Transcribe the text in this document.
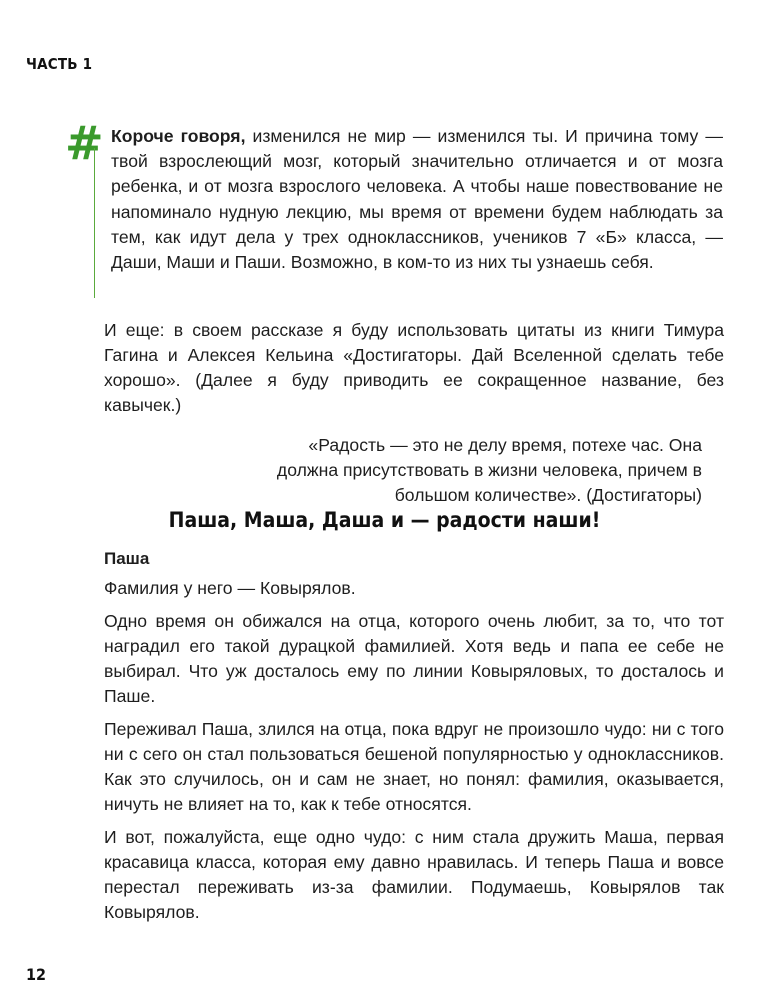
ЧАСТЬ 1
# Короче говоря, изменился не мир — изменился ты. И причина тому — твой взрослеющий мозг, который значительно отличается и от мозга ребенка, и от мозга взрослого человека. А чтобы наше повествование не напоминало нудную лекцию, мы время от времени будем наблюдать за тем, как идут дела у трех одноклассников, учеников 7 «Б» класса, — Даши, Маши и Паши. Возможно, в ком-то из них ты узнаешь себя.

И еще: в своем рассказе я буду использовать цитаты из книги Тимура Гагина и Алексея Кельина «Достигаторы. Дай Вселенной сделать тебе хорошо». (Далее я буду приводить ее сокращенное название, без кавычек.)

«Радость — это не делу время, потехе час. Она должна присутствовать в жизни человека, причем в большом количестве». (Достигаторы)

Паша, Маша, Даша и — радости наши!
Паша

Фамилия у него — Ковырялов.

Одно время он обижался на отца, которого очень любит, за то, что тот наградил его такой дурацкой фамилией. Хотя ведь и папа ее себе не выбирал. Что уж досталось ему по линии Ковыряловых, то досталось и Паше.

Переживал Паша, злился на отца, пока вдруг не произошло чудо: ни с того ни с сего он стал пользоваться бешеной популярностью у одноклассников. Как это случилось, он и сам не знает, но понял: фамилия, оказывается, ничуть не влияет на то, как к тебе относятся.

И вот, пожалуйста, еще одно чудо: с ним стала дружить Маша, первая красавица класса, которая ему давно нравилась. И теперь Паша и вовсе перестал переживать из-за фамилии. Подумаешь, Ковырялов так Ковырялов.

12
